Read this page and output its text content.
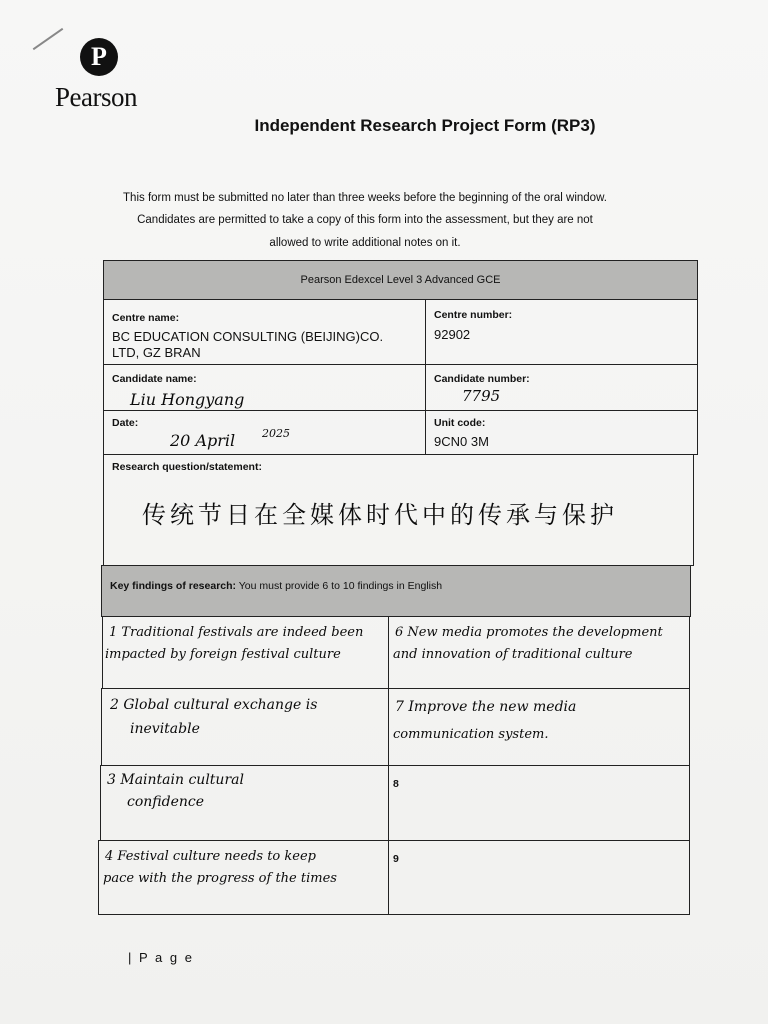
P
Pearson
Independent Research Project Form (RP3)
This form must be submitted no later than three weeks before the beginning of the oral window.
Candidates are permitted to take a copy of this form into the assessment, but they are not
allowed to write additional notes on it.
Pearson Edexcel Level 3 Advanced GCE
Centre name:
BC EDUCATION CONSULTING (BEIJING)CO.
LTD, GZ BRAN
Centre number:
92902
Candidate name:
Liu Hongyang
Candidate number:
7795
Date:
20 April 2025
Unit code:
9CN0 3M
Research question/statement:
传统节日在全媒体时代中的传承与保护
Key findings of research: You must provide 6 to 10 findings in English
1 Traditional festivals are indeed been
impacted by foreign festival culture
6 New media promotes the development
and innovation of traditional culture
2 Global cultural exchange is
inevitable
7 Improve the new media
communication system.
3 Maintain cultural
confidence
8
4 Festival culture needs to keep
pace with the progress of the times
9
| P a g e
